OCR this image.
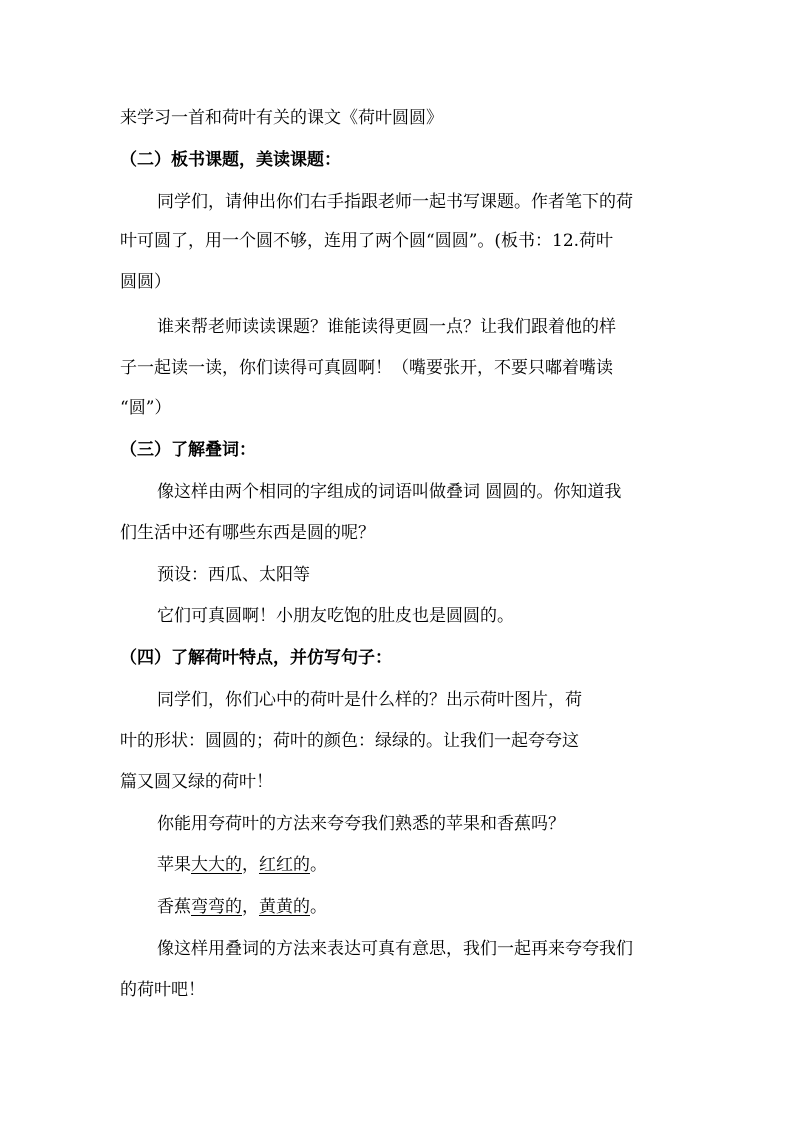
来学习一首和荷叶有关的课文《荷叶圆圆》
（二）板书课题，美读课题：
同学们，请伸出你们右手指跟老师一起书写课题。作者笔下的荷
叶可圆了，用一个圆不够，连用了两个圆“圆圆”。(板书：12.荷叶
圆圆）
谁来帮老师读读课题？谁能读得更圆一点？让我们跟着他的样
子一起读一读，你们读得可真圆啊！（嘴要张开，不要只嘟着嘴读
“圆”）
（三）了解叠词：
像这样由两个相同的字组成的词语叫做叠词 圆圆的。你知道我
们生活中还有哪些东西是圆的呢？
预设：西瓜、太阳等
它们可真圆啊！小朋友吃饱的肚皮也是圆圆的。
（四）了解荷叶特点，并仿写句子：
同学们，你们心中的荷叶是什么样的？出示荷叶图片，荷
叶的形状：圆圆的；荷叶的颜色：绿绿的。让我们一起夸夸这
篇又圆又绿的荷叶！
你能用夸荷叶的方法来夸夸我们熟悉的苹果和香蕉吗？
苹果大大的，红红的。
香蕉弯弯的，黄黄的。
像这样用叠词的方法来表达可真有意思，我们一起再来夸夸我们
的荷叶吧！
